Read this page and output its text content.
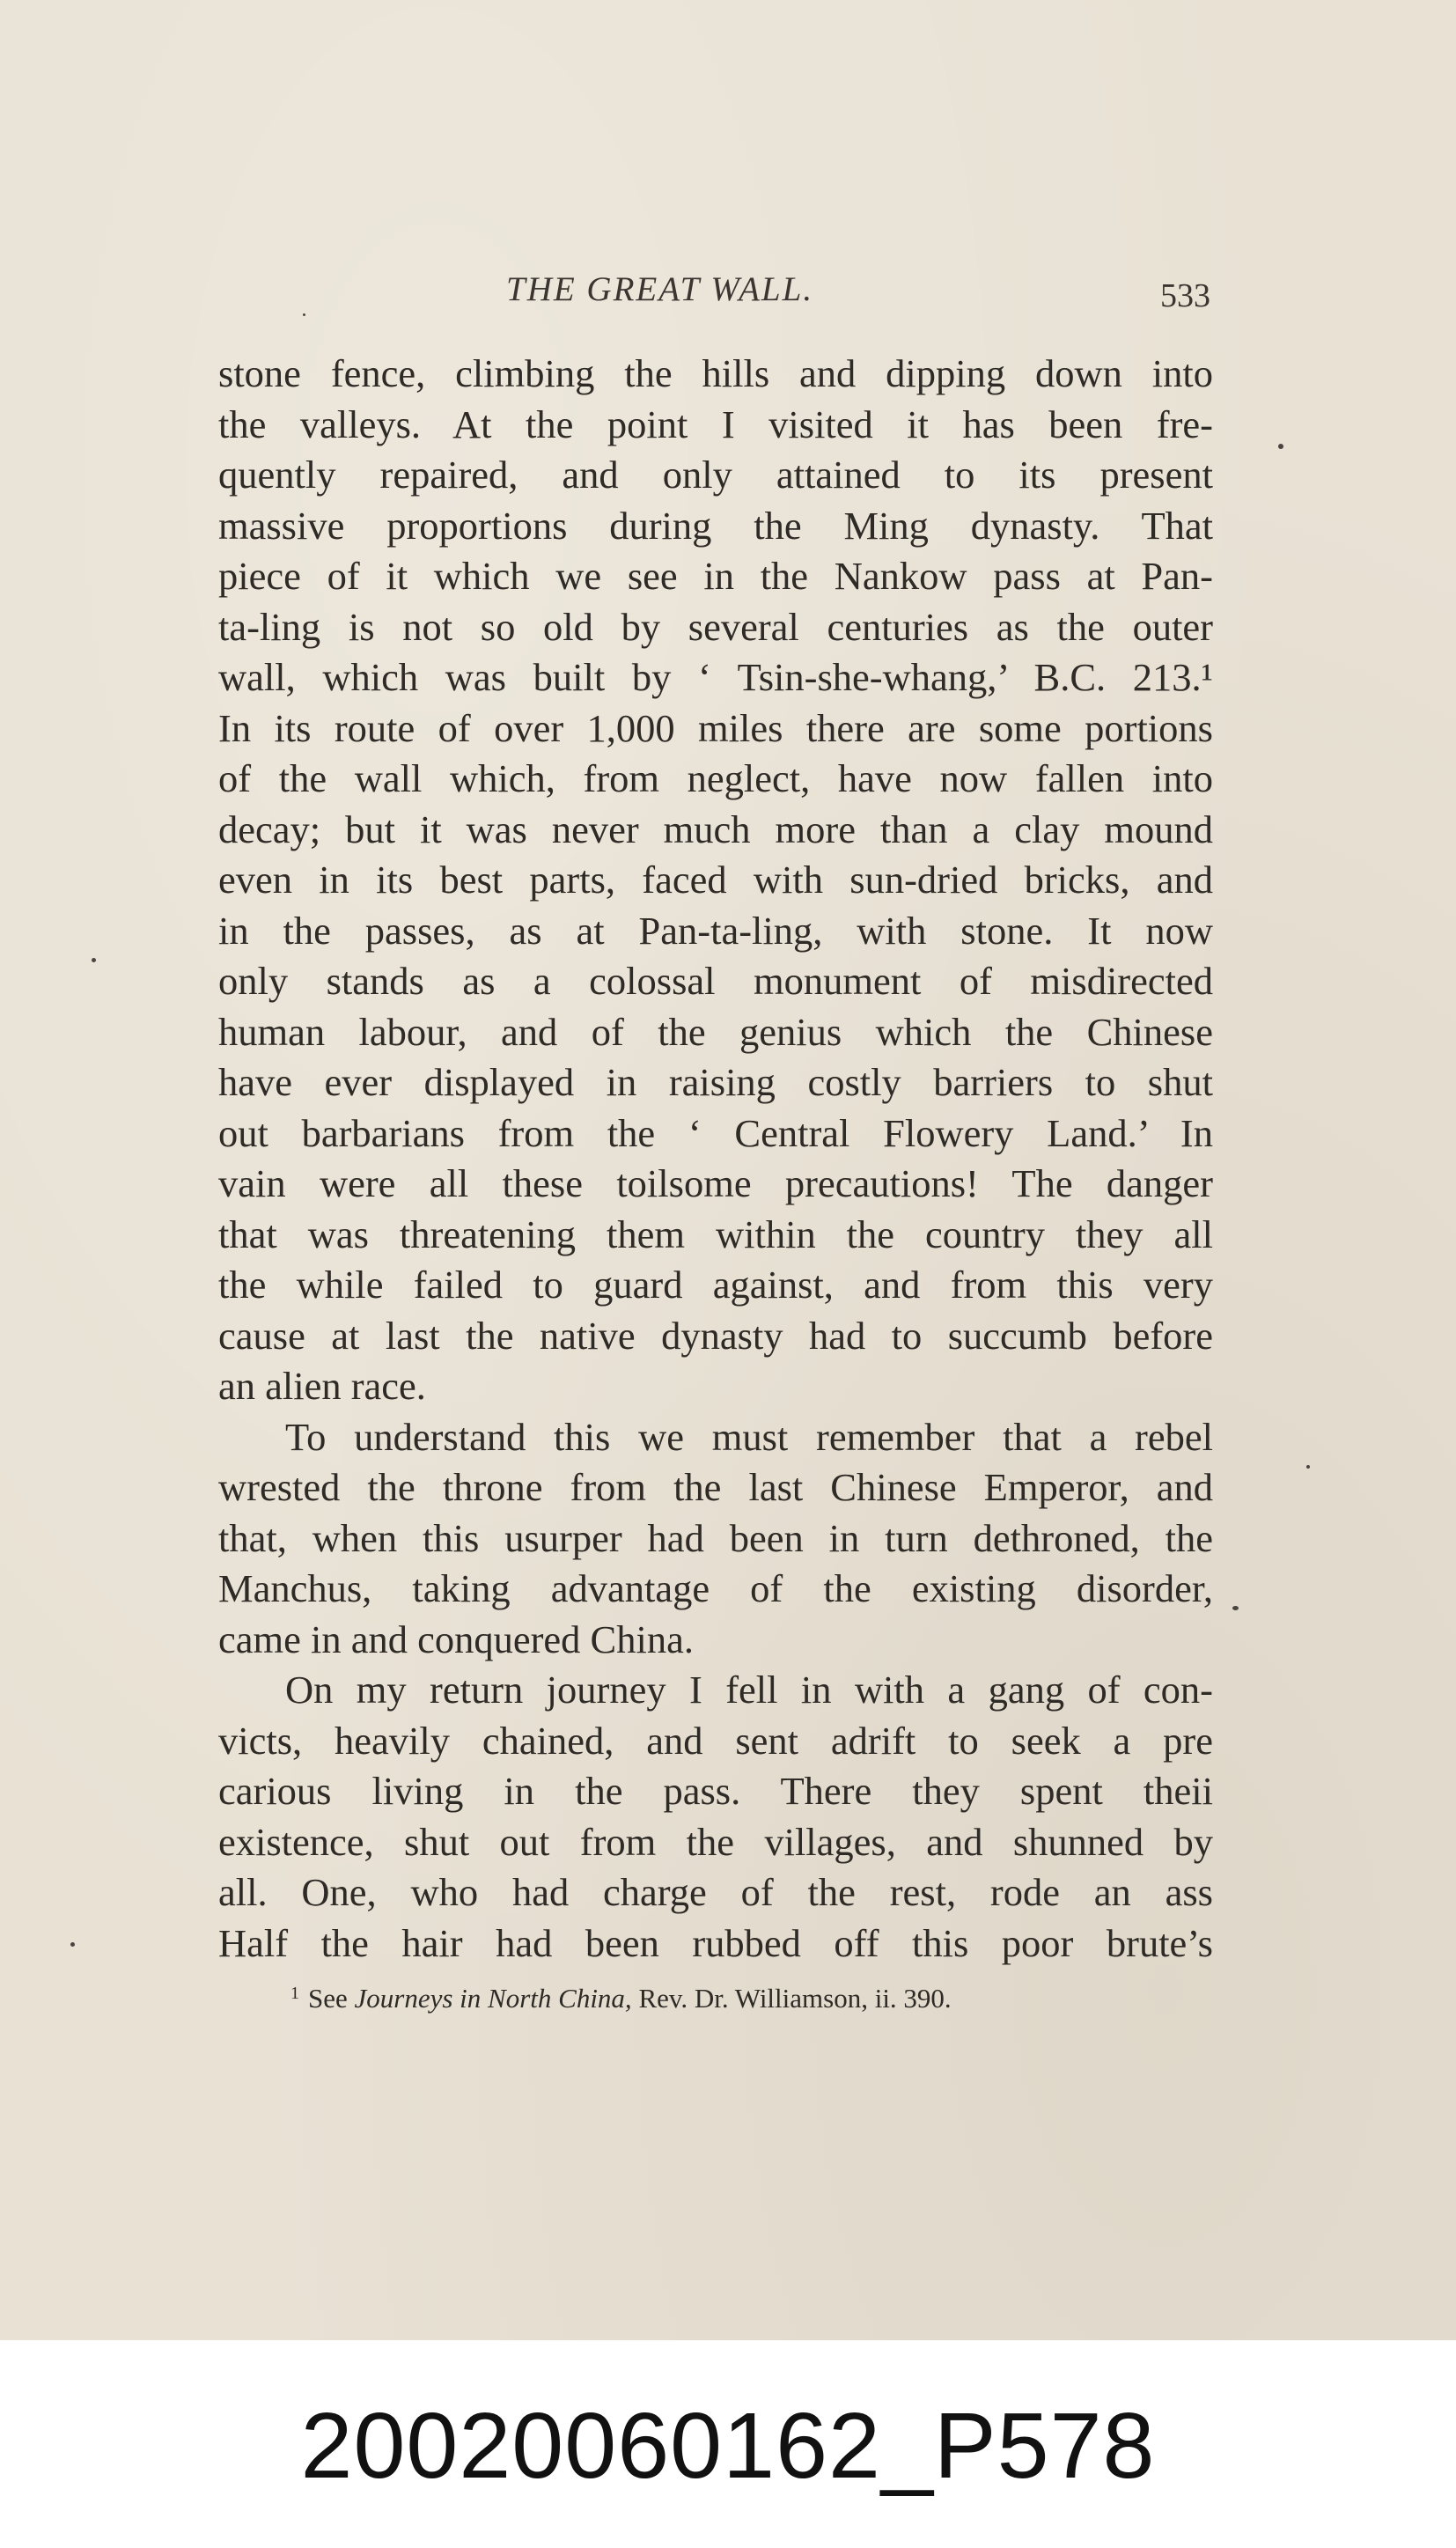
THE GREAT WALL.	533
stone fence, climbing the hills and dipping down into
the valleys. At the point I visited it has been fre-
quently repaired, and only attained to its present
massive proportions during the Ming dynasty. That
piece of it which we see in the Nankow pass at Pan-
ta-ling is not so old by several centuries as the outer
wall, which was built by ‘ Tsin-she-whang,’ B.C. 213.¹
In its route of over 1,000 miles there are some portions
of the wall which, from neglect, have now fallen into
decay; but it was never much more than a clay mound
even in its best parts, faced with sun-dried bricks, and
in the passes, as at Pan-ta-ling, with stone. It now
only stands as a colossal monument of misdirected
human labour, and of the genius which the Chinese
have ever displayed in raising costly barriers to shut
out barbarians from the ‘ Central Flowery Land.’ In
vain were all these toilsome precautions! The danger
that was threatening them within the country they all
the while failed to guard against, and from this very
cause at last the native dynasty had to succumb before
an alien race.
To understand this we must remember that a rebel
wrested the throne from the last Chinese Emperor, and
that, when this usurper had been in turn dethroned, the
Manchus, taking advantage of the existing disorder,
came in and conquered China.
On my return journey I fell in with a gang of con-
victs, heavily chained, and sent adrift to seek a pre
carious living in the pass. There they spent theii
existence, shut out from the villages, and shunned by
all. One, who had charge of the rest, rode an ass
Half the hair had been rubbed off this poor brute’s
$^1$ See Journeys in North China, Rev. Dr. Williamson, ii. 390.
20020060162_P578
